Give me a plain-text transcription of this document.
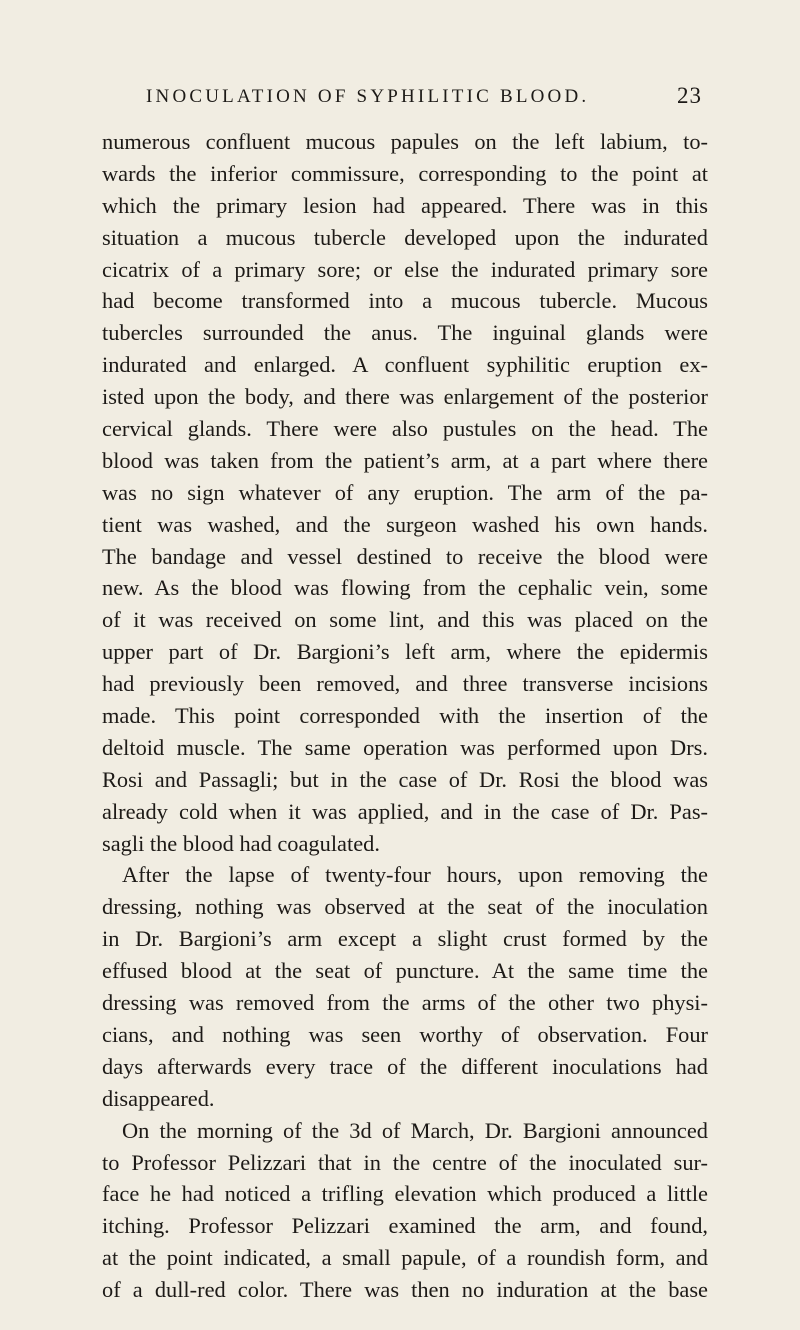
INOCULATION OF SYPHILITIC BLOOD.	23
numerous confluent mucous papules on the left labium, to-
wards the inferior commissure, corresponding to the point at
which the primary lesion had appeared. There was in this
situation a mucous tubercle developed upon the indurated
cicatrix of a primary sore; or else the indurated primary sore
had become transformed into a mucous tubercle. Mucous
tubercles surrounded the anus. The inguinal glands were
indurated and enlarged. A confluent syphilitic eruption ex-
isted upon the body, and there was enlargement of the posterior
cervical glands. There were also pustules on the head. The
blood was taken from the patient’s arm, at a part where there
was no sign whatever of any eruption. The arm of the pa-
tient was washed, and the surgeon washed his own hands.
The bandage and vessel destined to receive the blood were
new. As the blood was flowing from the cephalic vein, some
of it was received on some lint, and this was placed on the
upper part of Dr. Bargioni’s left arm, where the epidermis
had previously been removed, and three transverse incisions
made. This point corresponded with the insertion of the
deltoid muscle. The same operation was performed upon Drs.
Rosi and Passagli; but in the case of Dr. Rosi the blood was
already cold when it was applied, and in the case of Dr. Pas-
sagli the blood had coagulated.
After the lapse of twenty-four hours, upon removing the
dressing, nothing was observed at the seat of the inoculation
in Dr. Bargioni’s arm except a slight crust formed by the
effused blood at the seat of puncture. At the same time the
dressing was removed from the arms of the other two physi-
cians, and nothing was seen worthy of observation. Four
days afterwards every trace of the different inoculations had
disappeared.
On the morning of the 3d of March, Dr. Bargioni announced
to Professor Pelizzari that in the centre of the inoculated sur-
face he had noticed a trifling elevation which produced a little
itching. Professor Pelizzari examined the arm, and found,
at the point indicated, a small papule, of a roundish form, and
of a dull-red color. There was then no induration at the base
